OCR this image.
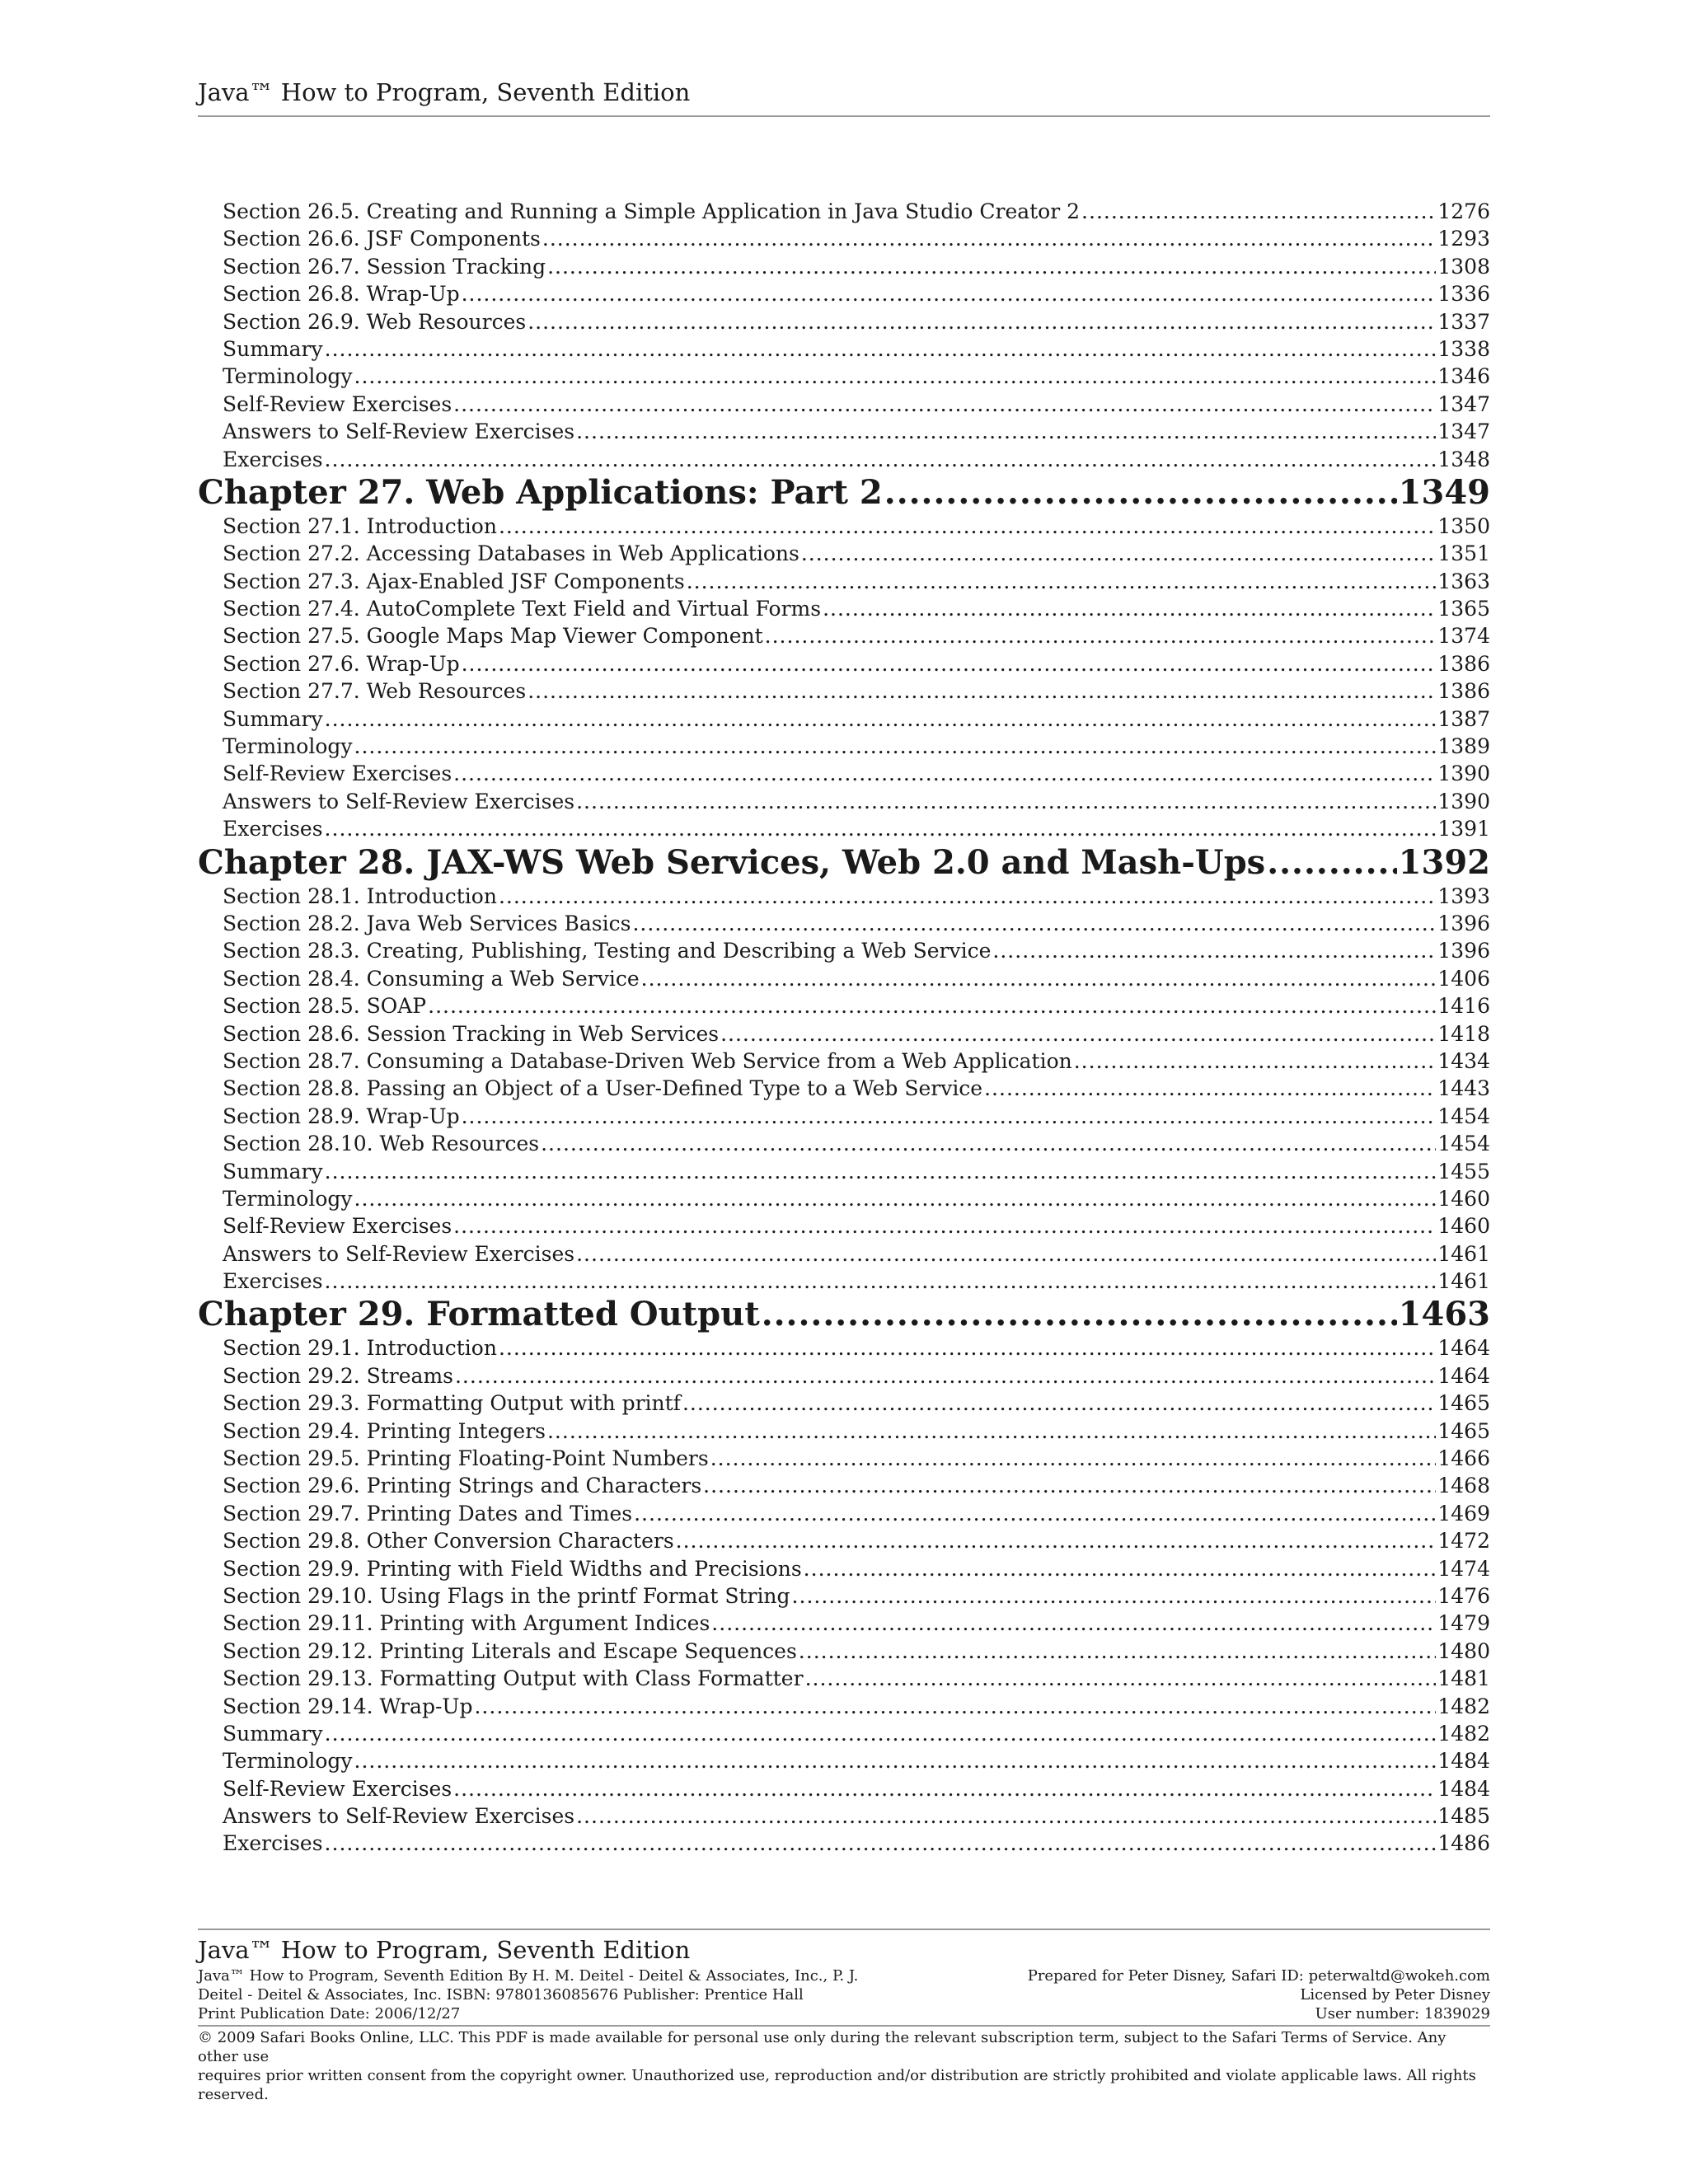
Java™ How to Program, Seventh Edition
Section 26.5. Creating and Running a Simple Application in Java Studio Creator 2 .....	1276
Section 26.6. JSF Components .....	1293
Section 26.7. Session Tracking .....	1308
Section 26.8. Wrap-Up .....	1336
Section 26.9. Web Resources .....	1337
Summary .....	1338
Terminology .....	1346
Self-Review Exercises .....	1347
Answers to Self-Review Exercises .....	1347
Exercises .....	1348
Chapter 27. Web Applications: Part 2 .....	1349
Section 27.1. Introduction .....	1350
Section 27.2. Accessing Databases in Web Applications .....	1351
Section 27.3. Ajax-Enabled JSF Components .....	1363
Section 27.4. AutoComplete Text Field and Virtual Forms .....	1365
Section 27.5. Google Maps Map Viewer Component .....	1374
Section 27.6. Wrap-Up .....	1386
Section 27.7. Web Resources .....	1386
Summary .....	1387
Terminology .....	1389
Self-Review Exercises .....	1390
Answers to Self-Review Exercises .....	1390
Exercises .....	1391
Chapter 28. JAX-WS Web Services, Web 2.0 and Mash-Ups .....	1392
Section 28.1. Introduction .....	1393
Section 28.2. Java Web Services Basics .....	1396
Section 28.3. Creating, Publishing, Testing and Describing a Web Service .....	1396
Section 28.4. Consuming a Web Service .....	1406
Section 28.5. SOAP .....	1416
Section 28.6. Session Tracking in Web Services .....	1418
Section 28.7. Consuming a Database-Driven Web Service from a Web Application .....	1434
Section 28.8. Passing an Object of a User-Defined Type to a Web Service .....	1443
Section 28.9. Wrap-Up .....	1454
Section 28.10. Web Resources .....	1454
Summary .....	1455
Terminology .....	1460
Self-Review Exercises .....	1460
Answers to Self-Review Exercises .....	1461
Exercises .....	1461
Chapter 29. Formatted Output .....	1463
Section 29.1. Introduction .....	1464
Section 29.2. Streams .....	1464
Section 29.3. Formatting Output with printf .....	1465
Section 29.4. Printing Integers .....	1465
Section 29.5. Printing Floating-Point Numbers .....	1466
Section 29.6. Printing Strings and Characters .....	1468
Section 29.7. Printing Dates and Times .....	1469
Section 29.8. Other Conversion Characters .....	1472
Section 29.9. Printing with Field Widths and Precisions .....	1474
Section 29.10. Using Flags in the printf Format String .....	1476
Section 29.11. Printing with Argument Indices .....	1479
Section 29.12. Printing Literals and Escape Sequences .....	1480
Section 29.13. Formatting Output with Class Formatter .....	1481
Section 29.14. Wrap-Up .....	1482
Summary .....	1482
Terminology .....	1484
Self-Review Exercises .....	1484
Answers to Self-Review Exercises .....	1485
Exercises .....	1486
Java™ How to Program, Seventh Edition
Java™ How to Program, Seventh Edition By H. M. Deitel - Deitel & Associates, Inc., P. J.
Deitel - Deitel & Associates, Inc. ISBN: 9780136085676 Publisher: Prentice Hall
Print Publication Date: 2006/12/27
Prepared for Peter Disney, Safari ID: peterwaltd@wokeh.com
Licensed by Peter Disney
User number: 1839029
© 2009 Safari Books Online, LLC. This PDF is made available for personal use only during the relevant subscription term, subject to the Safari Terms of Service. Any other use
requires prior written consent from the copyright owner. Unauthorized use, reproduction and/or distribution are strictly prohibited and violate applicable laws. All rights reserved.
